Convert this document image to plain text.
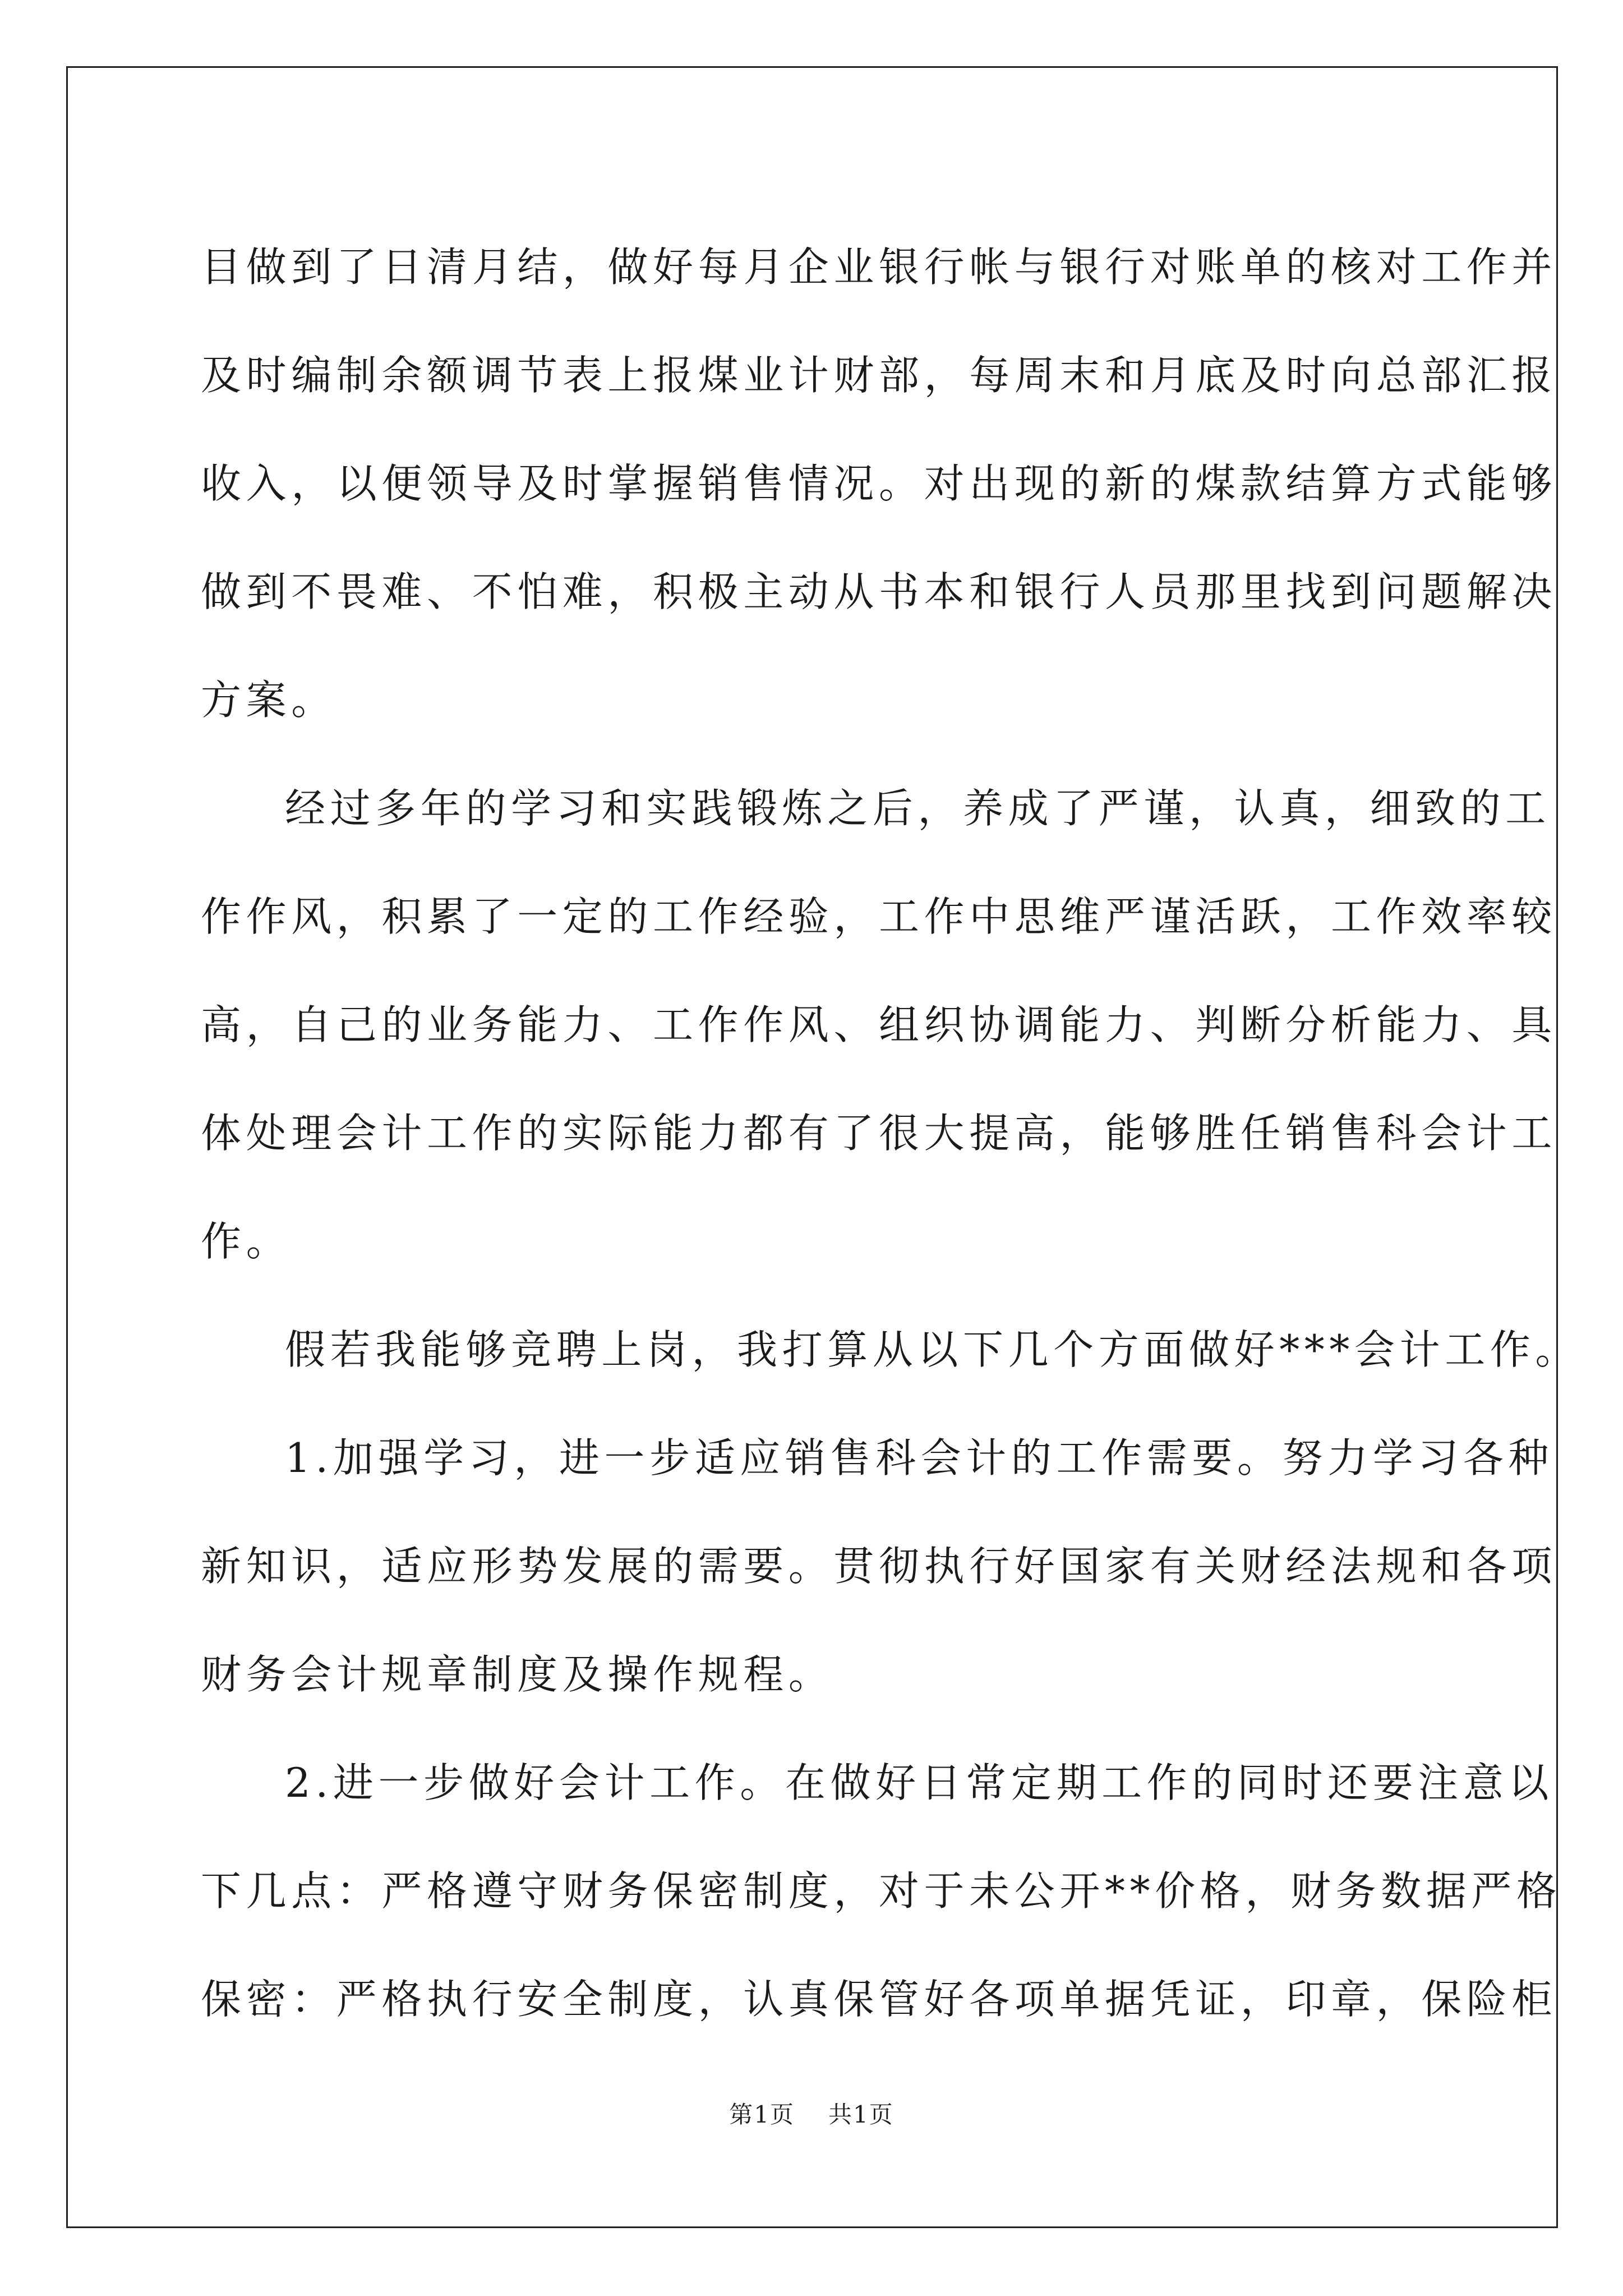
目做到了日清月结，做好每月企业银行帐与银行对账单的核对工作并
及时编制余额调节表上报煤业计财部，每周末和月底及时向总部汇报
收入，以便领导及时掌握销售情况。对出现的新的煤款结算方式能够
做到不畏难、不怕难，积极主动从书本和银行人员那里找到问题解决
方案。
经过多年的学习和实践锻炼之后，养成了严谨，认真，细致的工
作作风，积累了一定的工作经验，工作中思维严谨活跃，工作效率较
高，自己的业务能力、工作作风、组织协调能力、判断分析能力、具
体处理会计工作的实际能力都有了很大提高，能够胜任销售科会计工
作。
假若我能够竞聘上岗，我打算从以下几个方面做好***会计工作。
1.加强学习，进一步适应销售科会计的工作需要。努力学习各种
新知识，适应形势发展的需要。贯彻执行好国家有关财经法规和各项
财务会计规章制度及操作规程。
2.进一步做好会计工作。在做好日常定期工作的同时还要注意以
下几点：严格遵守财务保密制度，对于未公开**价格，财务数据严格
保密：严格执行安全制度，认真保管好各项单据凭证，印章，保险柜
第1页 共1页
